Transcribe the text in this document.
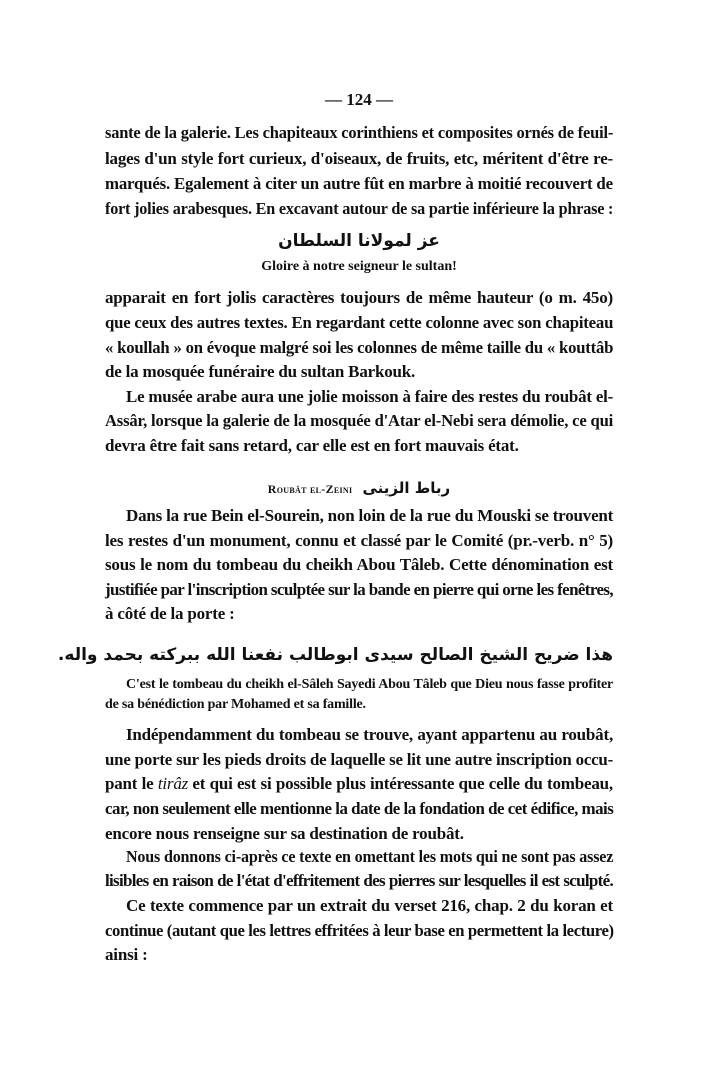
— 124 —
sante de la galerie. Les chapiteaux corinthiens et composites ornés de feuil-
lages d'un style fort curieux, d'oiseaux, de fruits, etc, méritent d'être re-
marqués. Egalement à citer un autre fût en marbre à moitié recouvert de
fort jolies arabesques. En excavant autour de sa partie inférieure la phrase :
عز لمولانا السلطان
Gloire à notre seigneur le sultan!
apparait en fort jolis caractères toujours de même hauteur (o m. 45o)
que ceux des autres textes. En regardant cette colonne avec son chapiteau
« koullah » on évoque malgré soi les colonnes de même taille du « kouttâb
de la mosquée funéraire du sultan Barkouk.
Le musée arabe aura une jolie moisson à faire des restes du roubât el-
Assâr, lorsque la galerie de la mosquée d'Atar el-Nebi sera démolie, ce qui
devra être fait sans retard, car elle est en fort mauvais état.
Roubât el-Zeini رباط الزينى
Dans la rue Bein el-Sourein, non loin de la rue du Mouski se trouvent
les restes d'un monument, connu et classé par le Comité (pr.-verb. n° 5)
sous le nom du tombeau du cheikh Abou Tâleb. Cette dénomination est
justifiée par l'inscription sculptée sur la bande en pierre qui orne les fenêtres,
à côté de la porte :
هذا ضريح الشيخ الصالح سيدى ابوطالب نفعنا الله ببركته بحمد واله.
C'est le tombeau du cheikh el-Sâleh Sayedi Abou Tâleb que Dieu nous fasse profiter
de sa bénédiction par Mohamed et sa famille.
Indépendamment du tombeau se trouve, ayant appartenu au roubât,
une porte sur les pieds droits de laquelle se lit une autre inscription occu-
pant le tirâz et qui est si possible plus intéressante que celle du tombeau,
car, non seulement elle mentionne la date de la fondation de cet édifice, mais
encore nous renseigne sur sa destination de roubât.
Nous donnons ci-après ce texte en omettant les mots qui ne sont pas assez
lisibles en raison de l'état d'effritement des pierres sur lesquelles il est sculpté.
Ce texte commence par un extrait du verset 216, chap. 2 du koran et
continue (autant que les lettres effritées à leur base en permettent la lecture)
ainsi :
